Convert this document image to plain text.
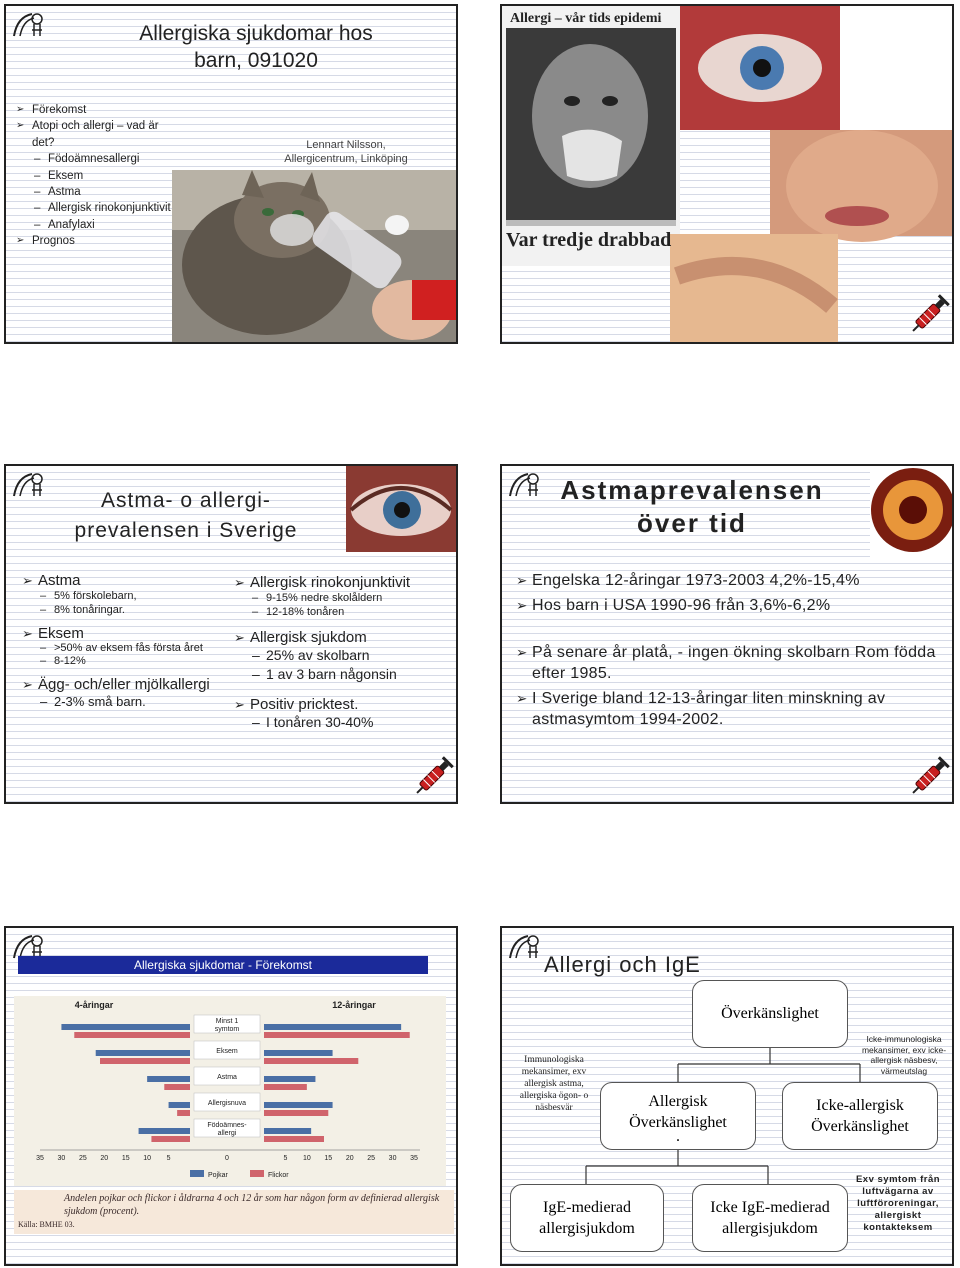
Allergiska sjukdomar hos
barn, 091020
➢ Förekomst
➢ Atopi och allergi – vad är det?
– Födoämnesallergi
– Eksem
– Astma
– Allergisk rinokonjunktivit
– Anafylaxi
➢ Prognos
Lennart Nilsson,
Allergicentrum, Linköping
Allergi – vår tids epidemi
Var tredje drabbad
Astma- o allergi-
prevalensen i Sverige
➢ Astma
– 5% förskolebarn,
– 8% tonåringar.
➢ Eksem
– >50% av eksem fås första året
– 8-12%
➢ Ägg- och/eller mjölkallergi
– 2-3% små barn.
➢ Allergisk rinokonjunktivit
– 9-15% nedre skolåldern
– 12-18% tonåren
➢ Allergisk sjukdom
– 25% av skolbarn
– 1 av 3 barn någonsin
➢ Positiv pricktest.
– I tonåren 30-40%
Astmaprevalensen
över tid
➢ Engelska 12-åringar 1973-2003 4,2%-15,4%
➢ Hos barn i USA 1990-96 från 3,6%-6,2%
➢ På senare år platå, - ingen ökning skolbarn Rom födda efter 1985.
➢ I Sverige bland 12-13-åringar liten minskning av astmasymtom 1994-2002.
Allergiska sjukdomar - Förekomst
4-åringar	12-åringar
Minst 1
symtom
Eksem
Astma
Allergisnuva
Födoämnes-
allergi
35 30 25 20 15 10 5	0	5 10 15 20 25 30 35
Pojkar	Flickor
Andelen pojkar och flickor i åldrarna 4 och 12 år som har någon form av definierad allergisk sjukdom (procent).
Källa: BMHE 03.
Allergi och IgE
Överkänslighet
Allergisk Överkänslighet
.
Icke-allergisk Överkänslighet
IgE-medierad allergisjukdom
Icke IgE-medierad allergisjukdom
Immunologiska mekansimer, exv allergisk astma, allergiska ögon- o näsbesvär
Icke-immunologiska mekansimer, exv icke-allergisk näsbesv, värmeutslag
Exv symtom från luftvägarna av luftföroreningar, allergiskt kontakteksem
